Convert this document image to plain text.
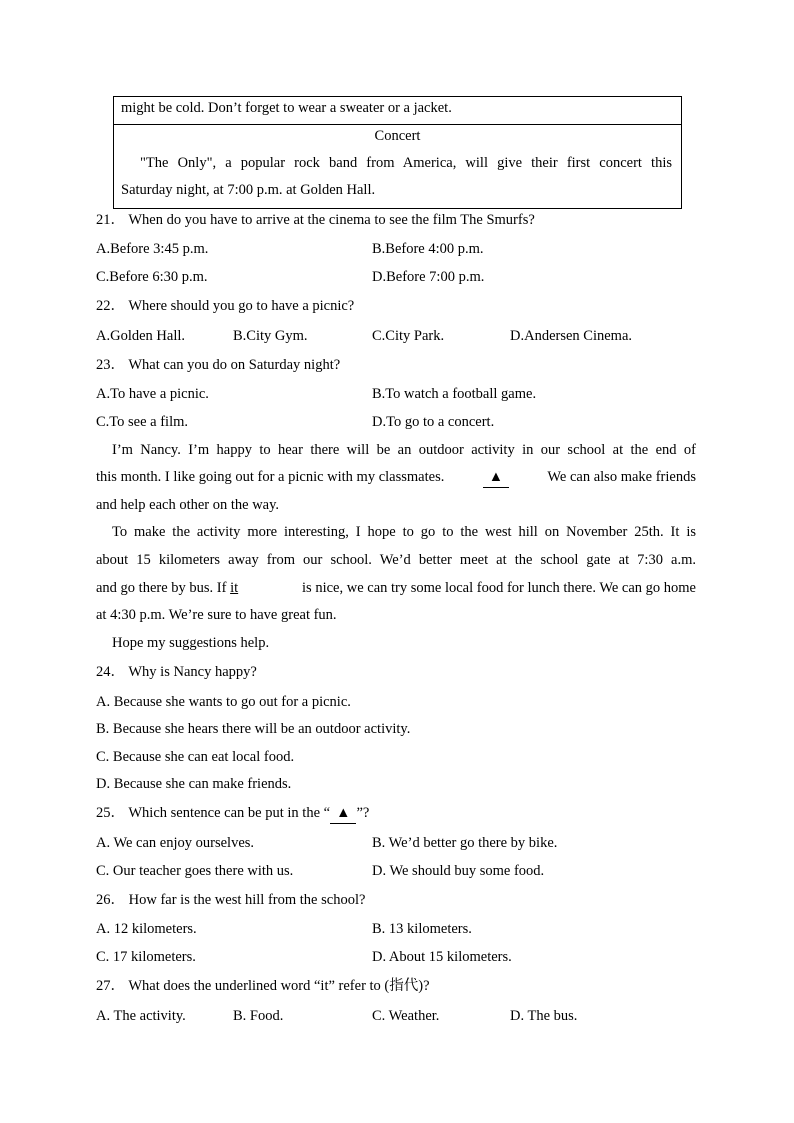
might be cold. Don’t forget to wear a sweater or a jacket.
Concert
"The Only", a popular rock band from America, will give their first concert this
Saturday night, at 7:00 p.m. at Golden Hall.
21． When do you have to arrive at the cinema to see the film The Smurfs?
A.Before 3:45 p.m.	B.Before 4:00 p.m.
C.Before 6:30 p.m.	D.Before 7:00 p.m.
22． Where should you go to have a picnic?
A.Golden Hall.	B.City Gym.	C.City Park.	D.Andersen Cinema.
23． What can you do on Saturday night?
A.To have a picnic.	B.To watch a football game.
C.To see a film.	D.To go to a concert.
I’m Nancy. I’m happy to hear there will be an outdoor activity in our school at the end of
this month. I like going out for a picnic with my classmates.	▲	We can also make friends
and help each other on the way.
To make the activity more interesting, I hope to go to the west hill on November 25th. It is
about 15 kilometers away from our school. We’d better meet at the school gate at 7:30 a.m.
and go there by bus. If it	is nice, we can try some local food for lunch there. We can go home
at 4:30 p.m. We’re sure to have great fun.
Hope my suggestions help.
24． Why is Nancy happy?
A. Because she wants to go out for a picnic.
B. Because she hears there will be an outdoor activity.
C. Because she can eat local food.
D. Because she can make friends.
25． Which sentence can be put in the “ ▲ ”?
A. We can enjoy ourselves.	B. We’d better go there by bike.
C. Our teacher goes there with us.	D. We should buy some food.
26． How far is the west hill from the school?
A. 12 kilometers.	B. 13 kilometers.
C. 17 kilometers.	D. About 15 kilometers.
27． What does the underlined word “it” refer to (指代)?
A. The activity.	B. Food.	C. Weather.	D. The bus.
